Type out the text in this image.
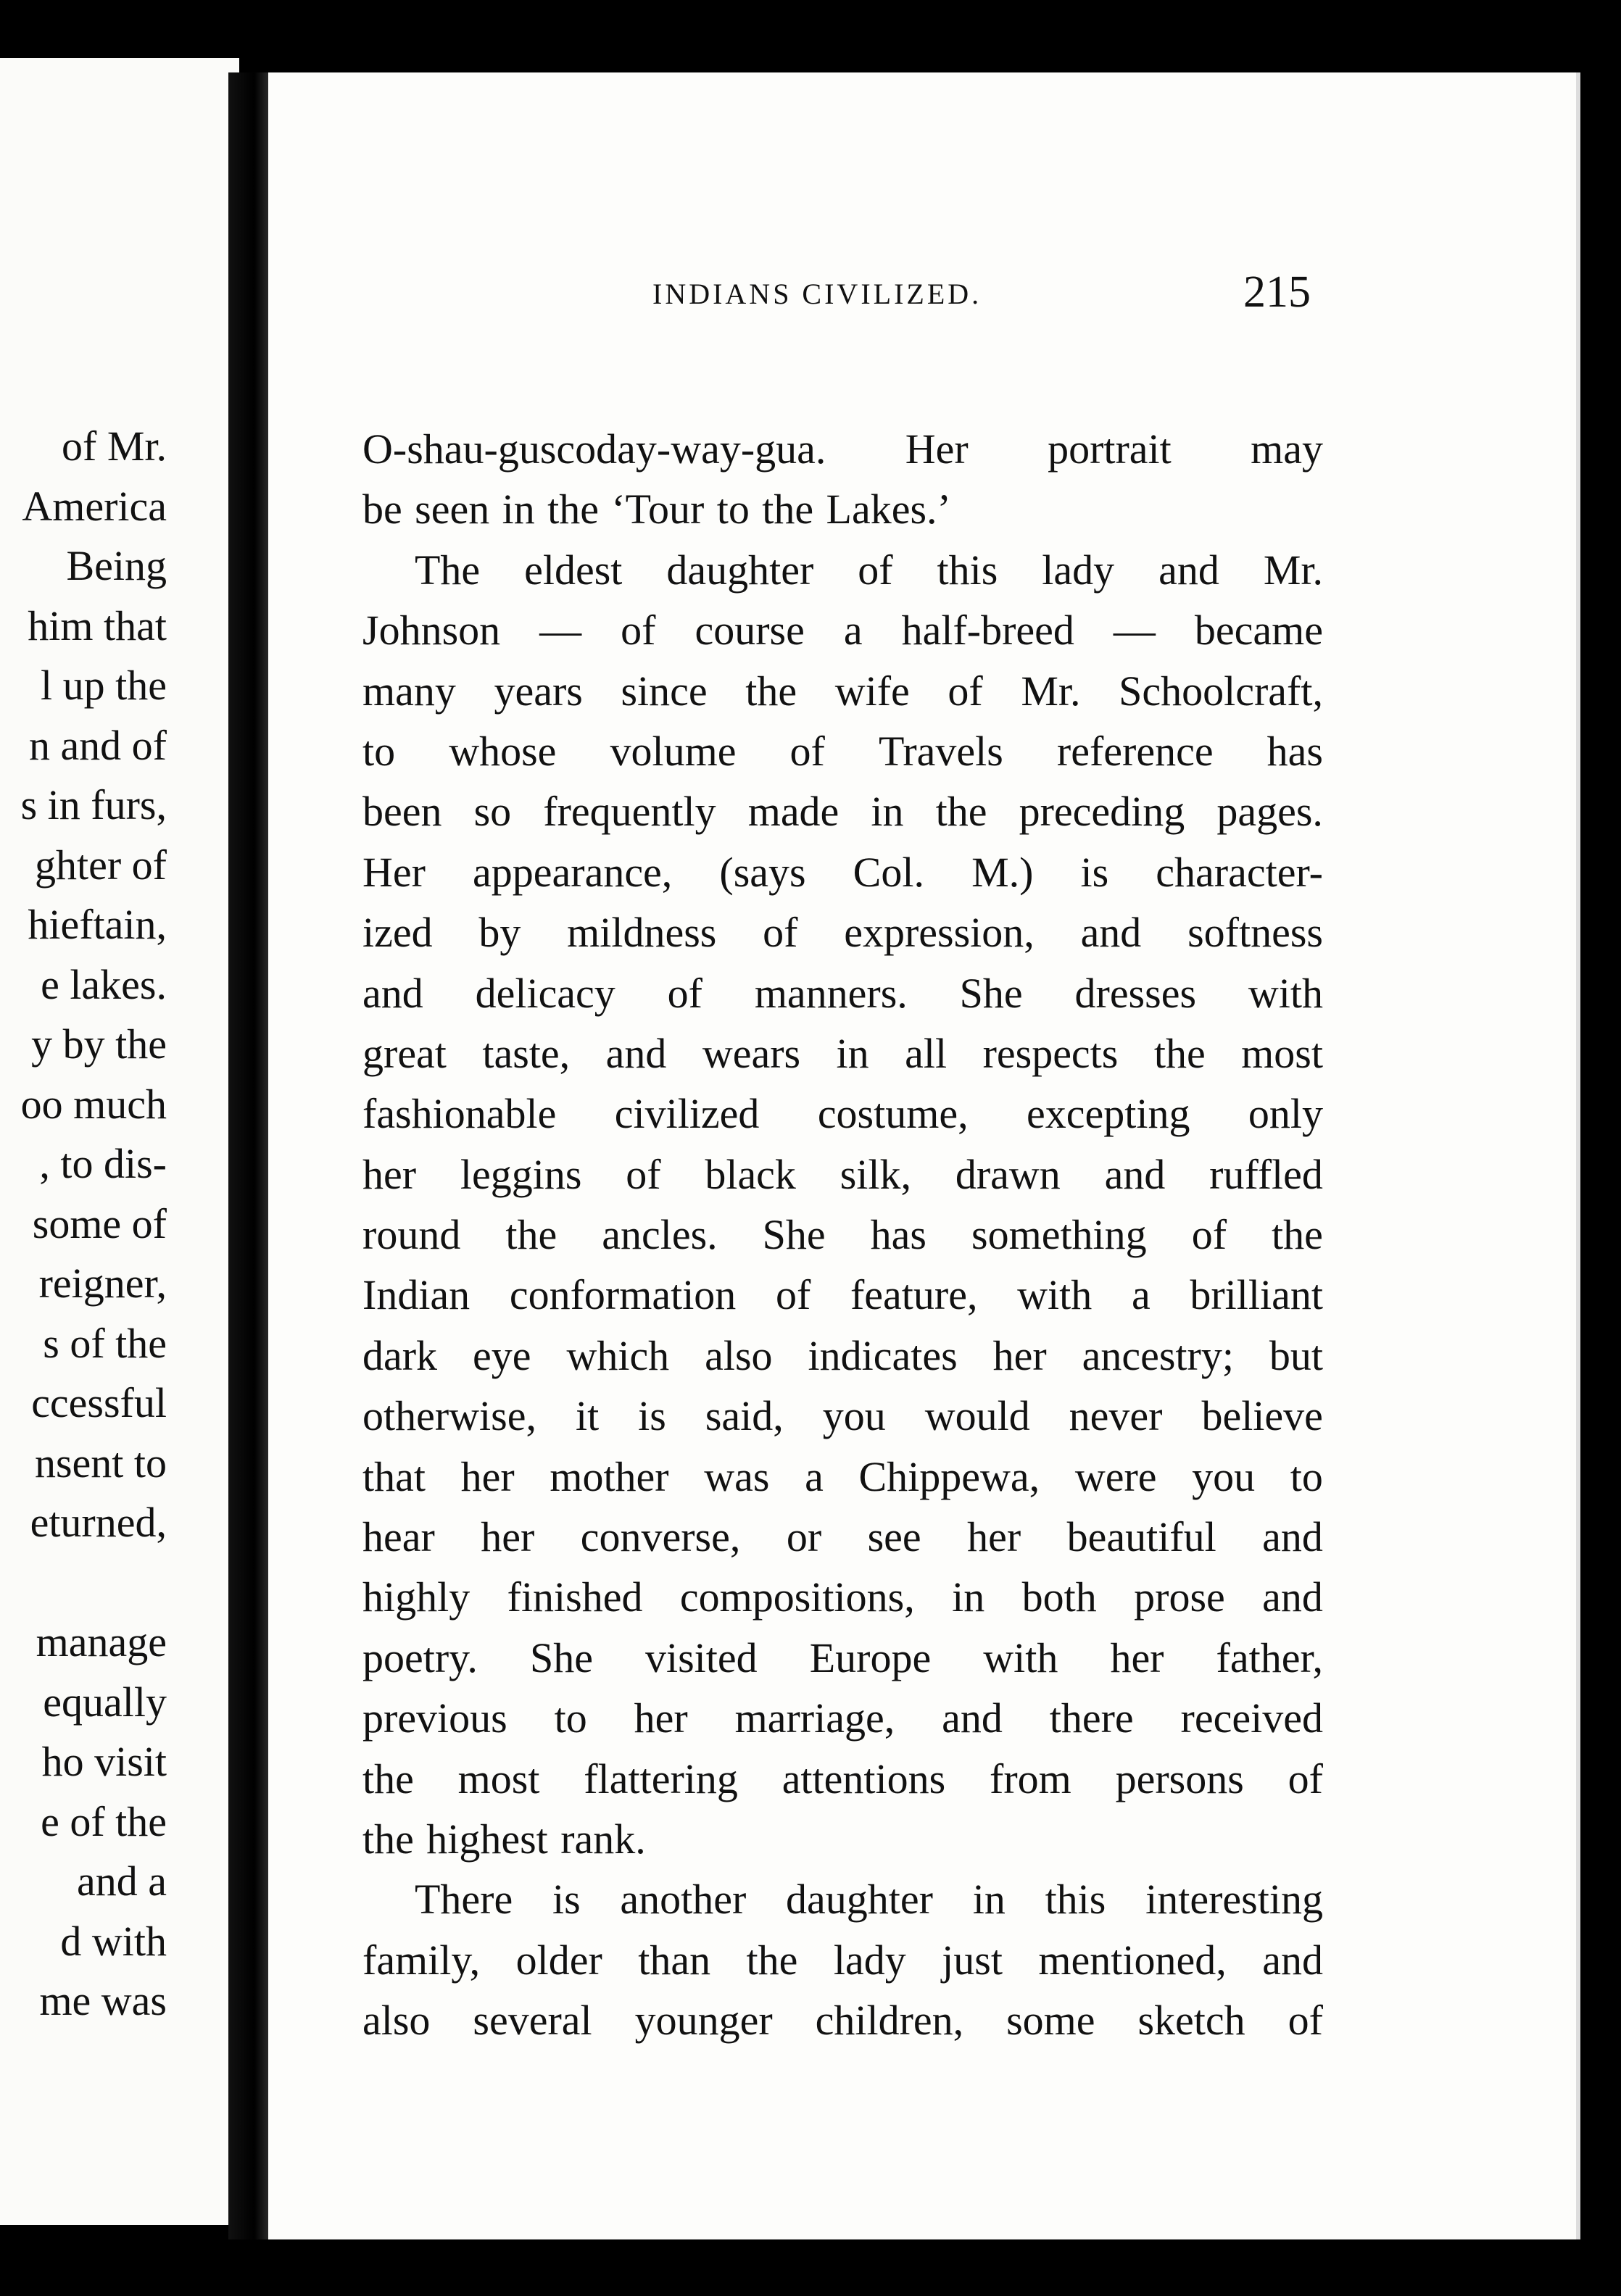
of Mr.
America
Being
him that
l up the
n and of
s in furs,
ghter of
hieftain,
e lakes.
y by the
oo much
, to dis-
some of
reigner,
s of the
ccessful
nsent to
eturned,
manage
equally
ho visit
e of the
and a
d with
me was
INDIANS CIVILIZED.	215
O-shau-guscoday-way-gua. Her portrait may
be seen in the ‘Tour to the Lakes.’
The eldest daughter of this lady and Mr.
Johnson — of course a half-breed — became
many years since the wife of Mr. Schoolcraft,
to whose volume of Travels reference has
been so frequently made in the preceding pages.
Her appearance, (says Col. M.) is character-
ized by mildness of expression, and softness
and delicacy of manners. She dresses with
great taste, and wears in all respects the most
fashionable civilized costume, excepting only
her leggins of black silk, drawn and ruffled
round the ancles. She has something of the
Indian conformation of feature, with a brilliant
dark eye which also indicates her ancestry; but
otherwise, it is said, you would never believe
that her mother was a Chippewa, were you to
hear her converse, or see her beautiful and
highly finished compositions, in both prose and
poetry. She visited Europe with her father,
previous to her marriage, and there received
the most flattering attentions from persons of
the highest rank.
There is another daughter in this interesting
family, older than the lady just mentioned, and
also several younger children, some sketch of
